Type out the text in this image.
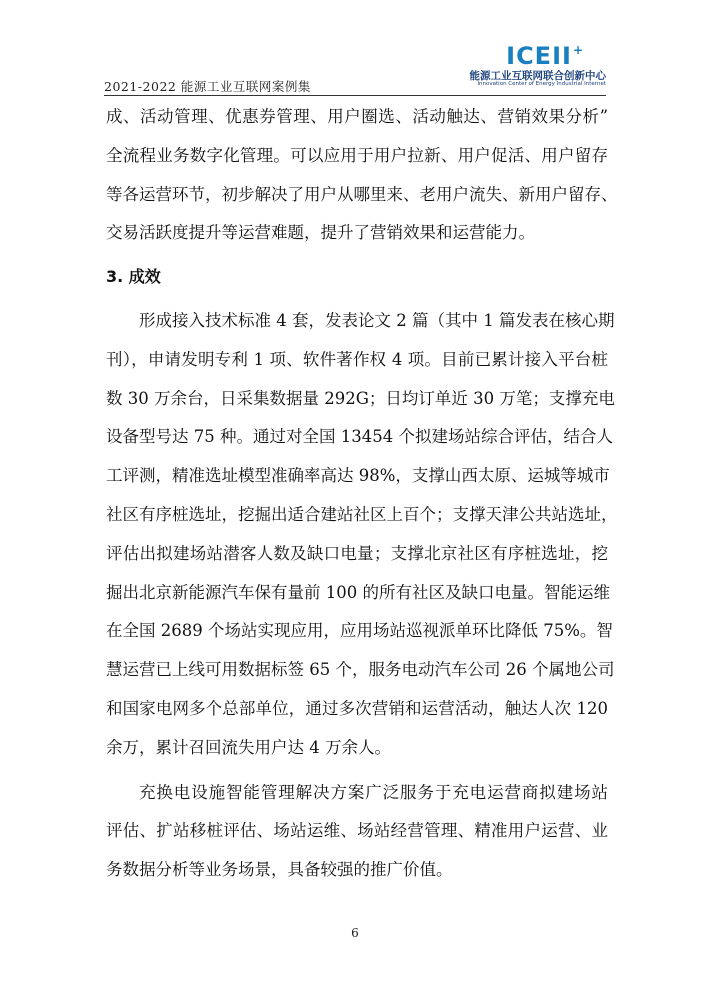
2021-2022 能源工业互联网案例集
ICEII+
能源工业互联网联合创新中心
Innovation Center of Energy Industrial Internet
成、活动管理、优惠券管理、用户圈选、活动触达、营销效果分析”
全流程业务数字化管理。可以应用于用户拉新、用户促活、用户留存
等各运营环节，初步解决了用户从哪里来、老用户流失、新用户留存、
交易活跃度提升等运营难题，提升了营销效果和运营能力。
3. 成效
形成接入技术标准 4 套，发表论文 2 篇（其中 1 篇发表在核心期
刊），申请发明专利 1 项、软件著作权 4 项。目前已累计接入平台桩
数 30 万余台，日采集数据量 292G；日均订单近 30 万笔；支撑充电
设备型号达 75 种。通过对全国 13454 个拟建场站综合评估，结合人
工评测，精准选址模型准确率高达 98%，支撑山西太原、运城等城市
社区有序桩选址，挖掘出适合建站社区上百个；支撑天津公共站选址，
评估出拟建场站潜客人数及缺口电量；支撑北京社区有序桩选址，挖
掘出北京新能源汽车保有量前 100 的所有社区及缺口电量。智能运维
在全国 2689 个场站实现应用，应用场站巡视派单环比降低 75%。智
慧运营已上线可用数据标签 65 个，服务电动汽车公司 26 个属地公司
和国家电网多个总部单位，通过多次营销和运营活动，触达人次 120
余万，累计召回流失用户达 4 万余人。
充换电设施智能管理解决方案广泛服务于充电运营商拟建场站
评估、扩站移桩评估、场站运维、场站经营管理、精准用户运营、业
务数据分析等业务场景，具备较强的推广价值。
6
